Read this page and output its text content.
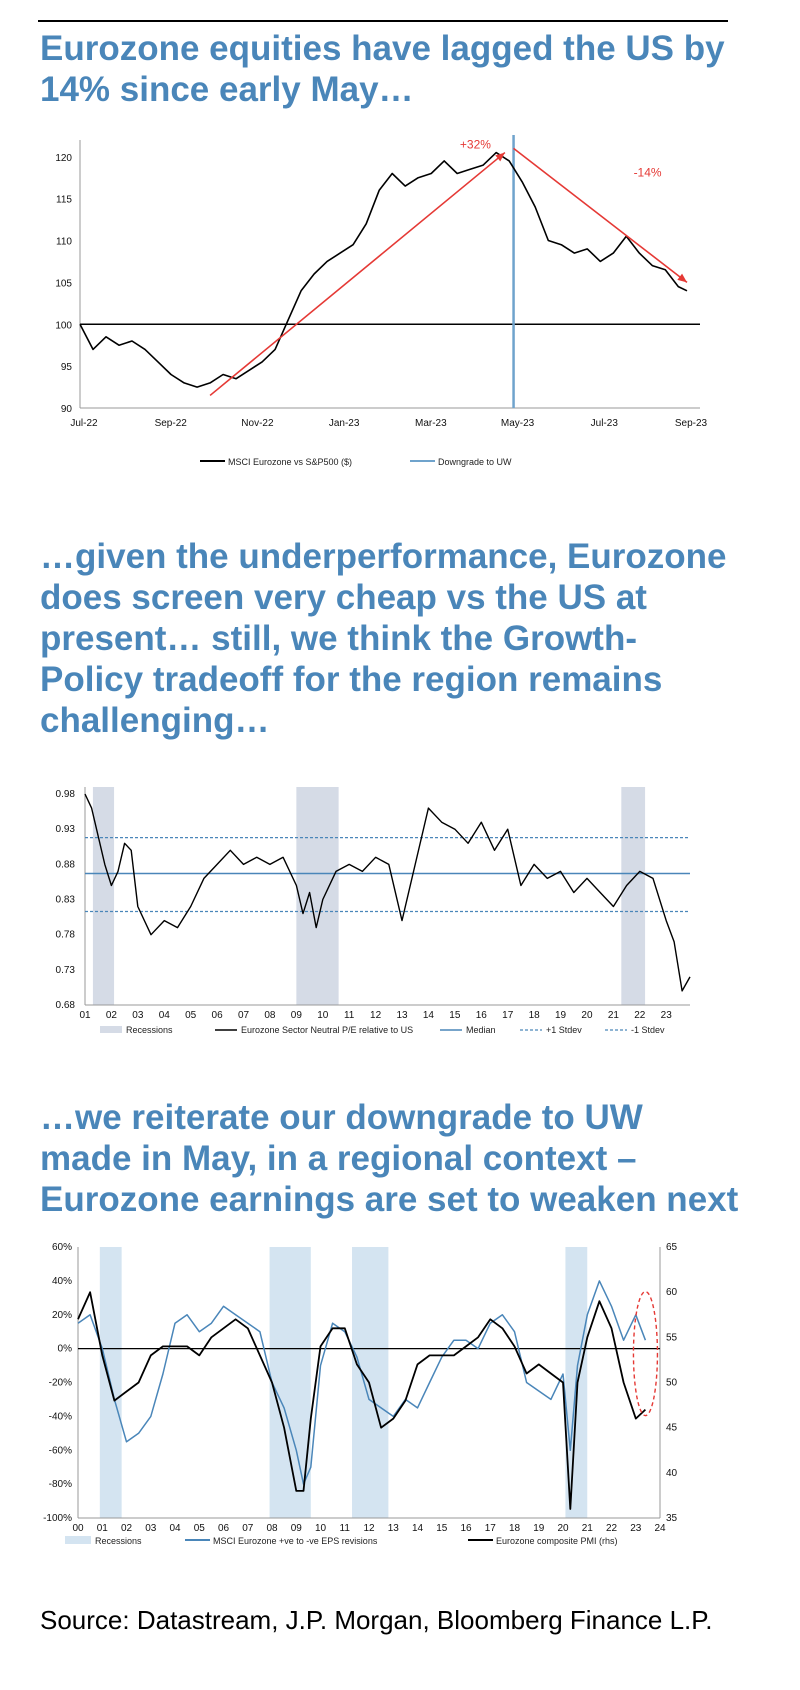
Eurozone equities have lagged the US by 14% since early May…
90
95
100
105
110
115
120
Jul-22	Sep-22	Nov-22	Jan-23	Mar-23	May-23	Jul-23	Sep-23
+32%
-14%
MSCI Eurozone vs S&P500 ($)	Downgrade to UW
…given the underperformance, Eurozone does screen very cheap vs the US at present… still, we think the Growth-Policy tradeoff for the region remains challenging…
0.68
0.73
0.78
0.83
0.88
0.93
0.98
01 02 03 04 05 06 07 08 09 10 11 12 13 14 15 16 17 18 19 20 21 22 23
Recessions	Eurozone Sector Neutral P/E relative to US	Median	+1 Stdev	-1 Stdev
…we reiterate our downgrade to UW made in May, in a regional context – Eurozone earnings are set to weaken next
60%
40%
20%
0%
-20%
-40%
-60%
-80%
-100%
65
60
55
50
45
40
35
00 01 02 03 04 05 06 07 08 09 10 11 12 13 14 15 16 17 18 19 20 21 22 23 24
Recessions	MSCI Eurozone +ve to -ve EPS revisions	Eurozone composite PMI (rhs)

Source: Datastream, J.P. Morgan, Bloomberg Finance L.P.
